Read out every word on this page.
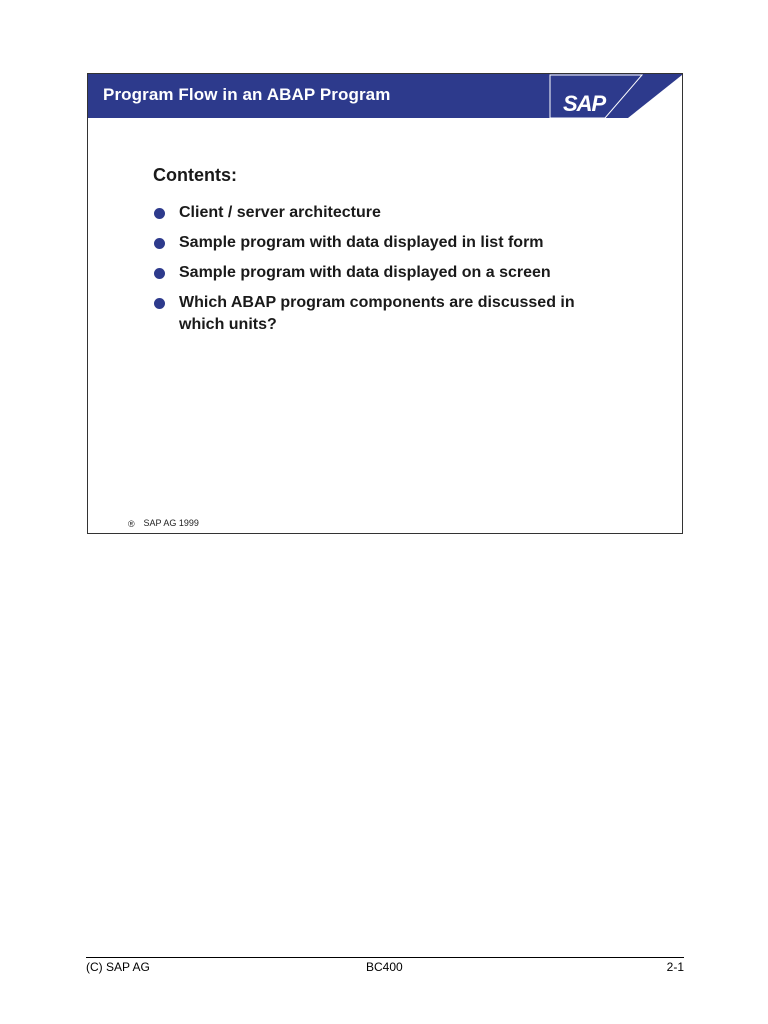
Program Flow in an ABAP Program	SAP
Contents:
Client / server architecture
Sample program with data displayed in list form
Sample program with data displayed on a screen
Which ABAP program components are discussed in which units?
® SAP AG 1999
(C) SAP AG	BC400	2-1
